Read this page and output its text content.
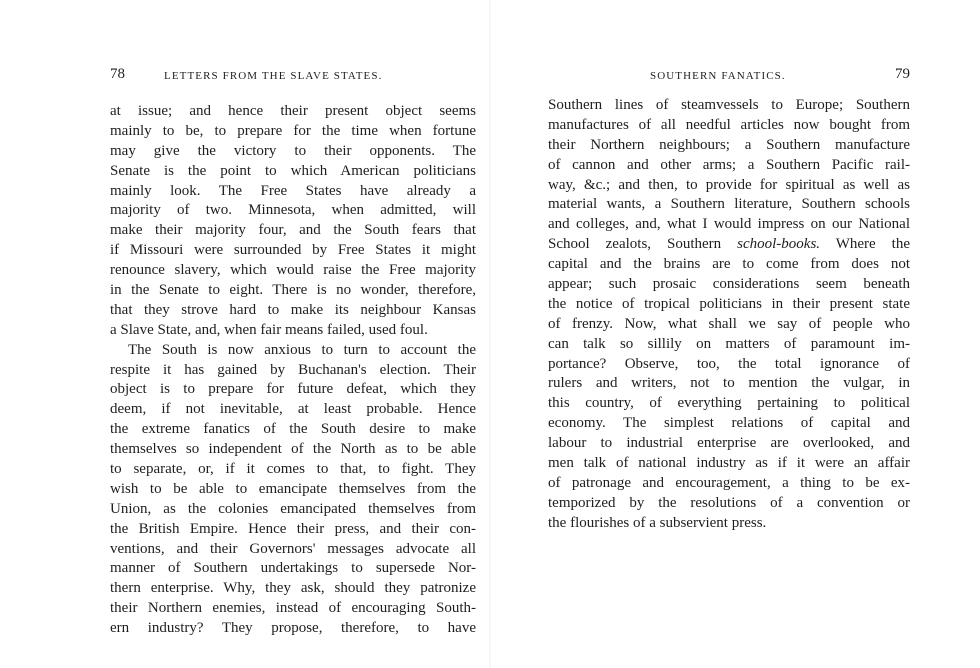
78	LETTERS FROM THE SLAVE STATES.
at issue; and hence their present object seems
mainly to be, to prepare for the time when fortune
may give the victory to their opponents. The
Senate is the point to which American politicians
mainly look. The Free States have already a
majority of two. Minnesota, when admitted, will
make their majority four, and the South fears that
if Missouri were surrounded by Free States it might
renounce slavery, which would raise the Free majority
in the Senate to eight. There is no wonder, therefore,
that they strove hard to make its neighbour Kansas
a Slave State, and, when fair means failed, used foul.
The South is now anxious to turn to account the
respite it has gained by Buchanan's election. Their
object is to prepare for future defeat, which they
deem, if not inevitable, at least probable. Hence
the extreme fanatics of the South desire to make
themselves so independent of the North as to be able
to separate, or, if it comes to that, to fight. They
wish to be able to emancipate themselves from the
Union, as the colonies emancipated themselves from
the British Empire. Hence their press, and their con-
ventions, and their Governors' messages advocate all
manner of Southern undertakings to supersede Nor-
thern enterprise. Why, they ask, should they patronize
their Northern enemies, instead of encouraging South-
ern industry? They propose, therefore, to have
SOUTHERN FANATICS.	79
Southern lines of steamvessels to Europe; Southern
manufactures of all needful articles now bought from
their Northern neighbours; a Southern manufacture
of cannon and other arms; a Southern Pacific rail-
way, &c.; and then, to provide for spiritual as well as
material wants, a Southern literature, Southern schools
and colleges, and, what I would impress on our National
School zealots, Southern school-books. Where the
capital and the brains are to come from does not
appear; such prosaic considerations seem beneath
the notice of tropical politicians in their present state
of frenzy. Now, what shall we say of people who
can talk so sillily on matters of paramount im-
portance? Observe, too, the total ignorance of
rulers and writers, not to mention the vulgar, in
this country, of everything pertaining to political
economy. The simplest relations of capital and
labour to industrial enterprise are overlooked, and
men talk of national industry as if it were an affair
of patronage and encouragement, a thing to be ex-
temporized by the resolutions of a convention or
the flourishes of a subservient press.
